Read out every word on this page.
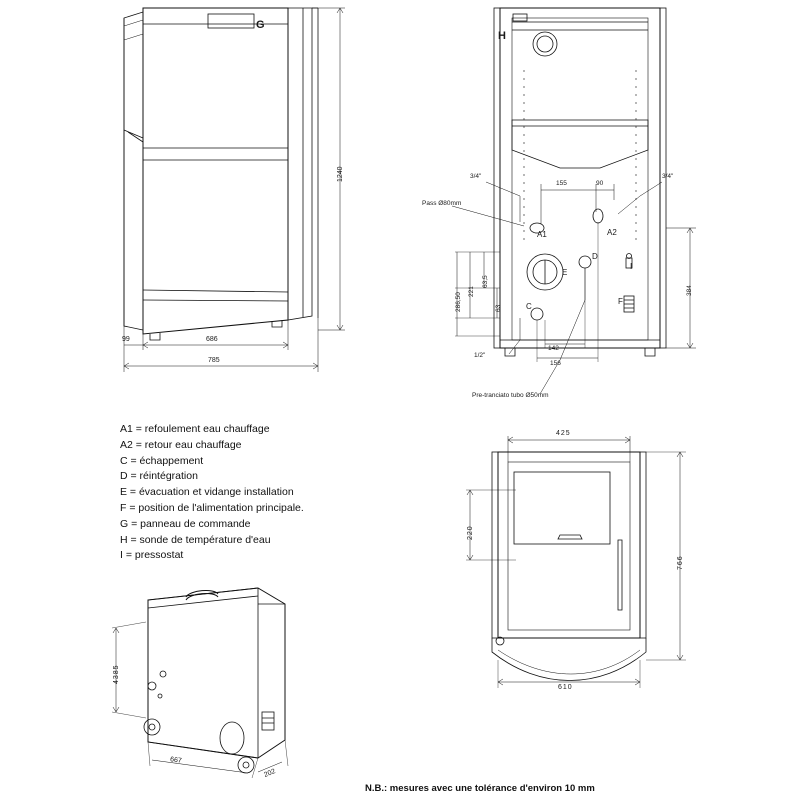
G
1240
686
785
99
H
A1	A2
C
D
E
F
I
Pass Ø80mm
3/4"	3/4"
1/2"
Pre-tranciato tubo Ø50mm
155	90
384
286,50
221
63,5
63
142
156
425
220
766
610
4385
667
202
A1 = refoulement eau chauffage
A2 = retour eau chauffage
C = échappement
D = réintégration
E = évacuation et vidange installation
F = position de l'alimentation principale.
G = panneau de commande
H = sonde de température d'eau
I = pressostat
N.B.: mesures avec une tolérance d'environ 10 mm
